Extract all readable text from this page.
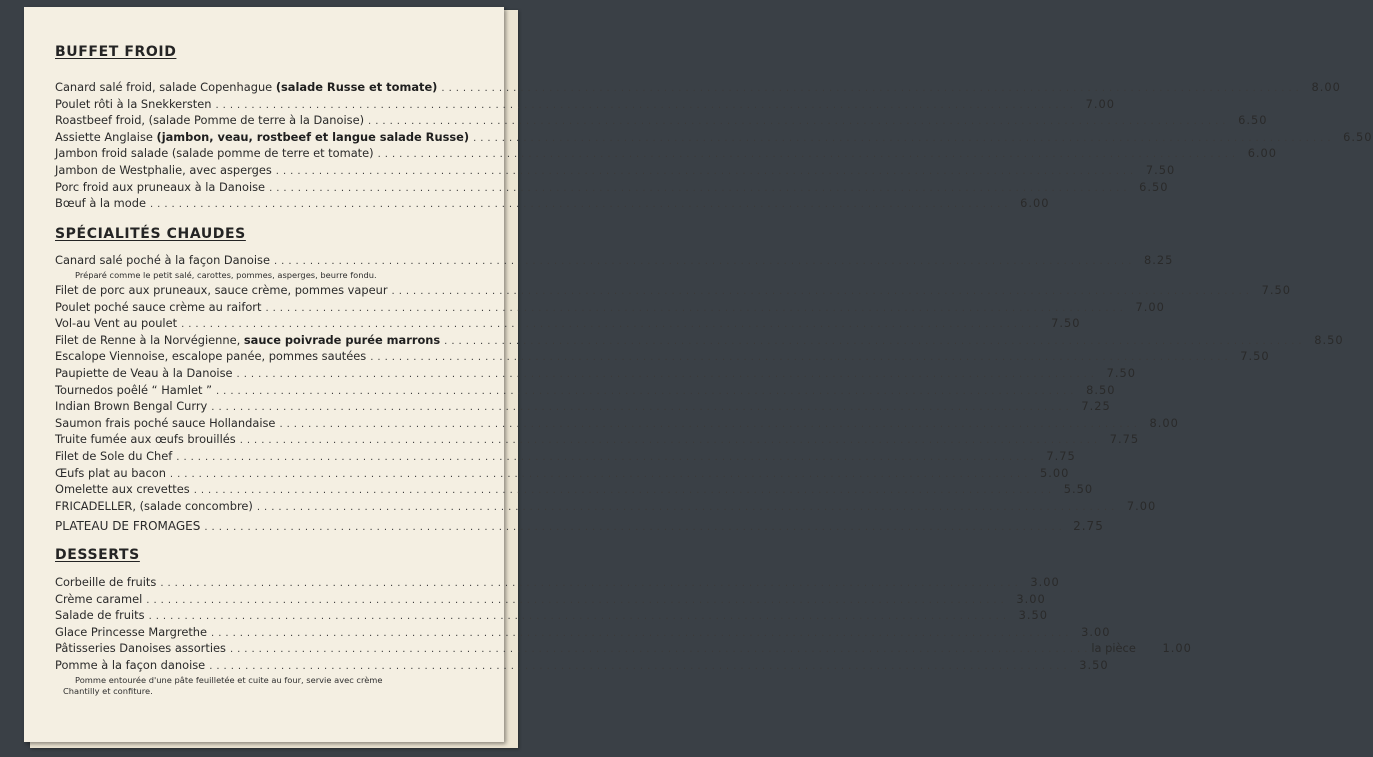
BUFFET FROID
Canard salé froid, salade Copenhague (salade Russe et tomate) ........................................................................................................................ 8.00
Poulet rôti à la Snekkersten ........................................................................................................................ 7.00
Roastbeef froid, (salade Pomme de terre à la Danoise) ........................................................................................................................ 6.50
Assiette Anglaise (jambon, veau, rostbeef et langue salade Russe) ........................................................................................................................ 6.50
Jambon froid salade (salade pomme de terre et tomate) ........................................................................................................................ 6.00
Jambon de Westphalie, avec asperges ........................................................................................................................ 7.50
Porc froid aux pruneaux à la Danoise ........................................................................................................................ 6.50
Bœuf à la mode ........................................................................................................................ 6.00
SPÉCIALITÉS CHAUDES
Canard salé poché à la façon Danoise ........................................................................................................................ 8.25
Préparé comme le petit salé, carottes, pommes, asperges, beurre fondu.
Filet de porc aux pruneaux, sauce crème, pommes vapeur ........................................................................................................................ 7.50
Poulet poché sauce crème au raifort ........................................................................................................................ 7.00
Vol-au Vent au poulet ........................................................................................................................ 7.50
Filet de Renne à la Norvégienne, sauce poivrade purée marrons ........................................................................................................................ 8.50
Escalope Viennoise, escalope panée, pommes sautées ........................................................................................................................ 7.50
Paupiette de Veau à la Danoise ........................................................................................................................ 7.50
Tournedos poêlé “ Hamlet ” ........................................................................................................................ 8.50
Indian Brown Bengal Curry ........................................................................................................................ 7.25
Saumon frais poché sauce Hollandaise ........................................................................................................................ 8.00
Truite fumée aux œufs brouillés ........................................................................................................................ 7.75
Filet de Sole du Chef ........................................................................................................................ 7.75
Œufs plat au bacon ........................................................................................................................ 5.00
Omelette aux crevettes ........................................................................................................................ 5.50
FRICADELLER, (salade concombre) ........................................................................................................................ 7.00
PLATEAU DE FROMAGES ........................................................................................................................ 2.75
DESSERTS
Corbeille de fruits ........................................................................................................................ 3.00
Crème caramel ........................................................................................................................ 3.00
Salade de fruits ........................................................................................................................ 3.50
Glace Princesse Margrethe ........................................................................................................................ 3.00
Pâtisseries Danoises assorties ........................................................................................................................ la pièce	1.00
Pomme à la façon danoise ........................................................................................................................ 3.50
Pomme entourée d'une pâte feuilletée et cuite au four, servie avec crème
Chantilly et confiture.
